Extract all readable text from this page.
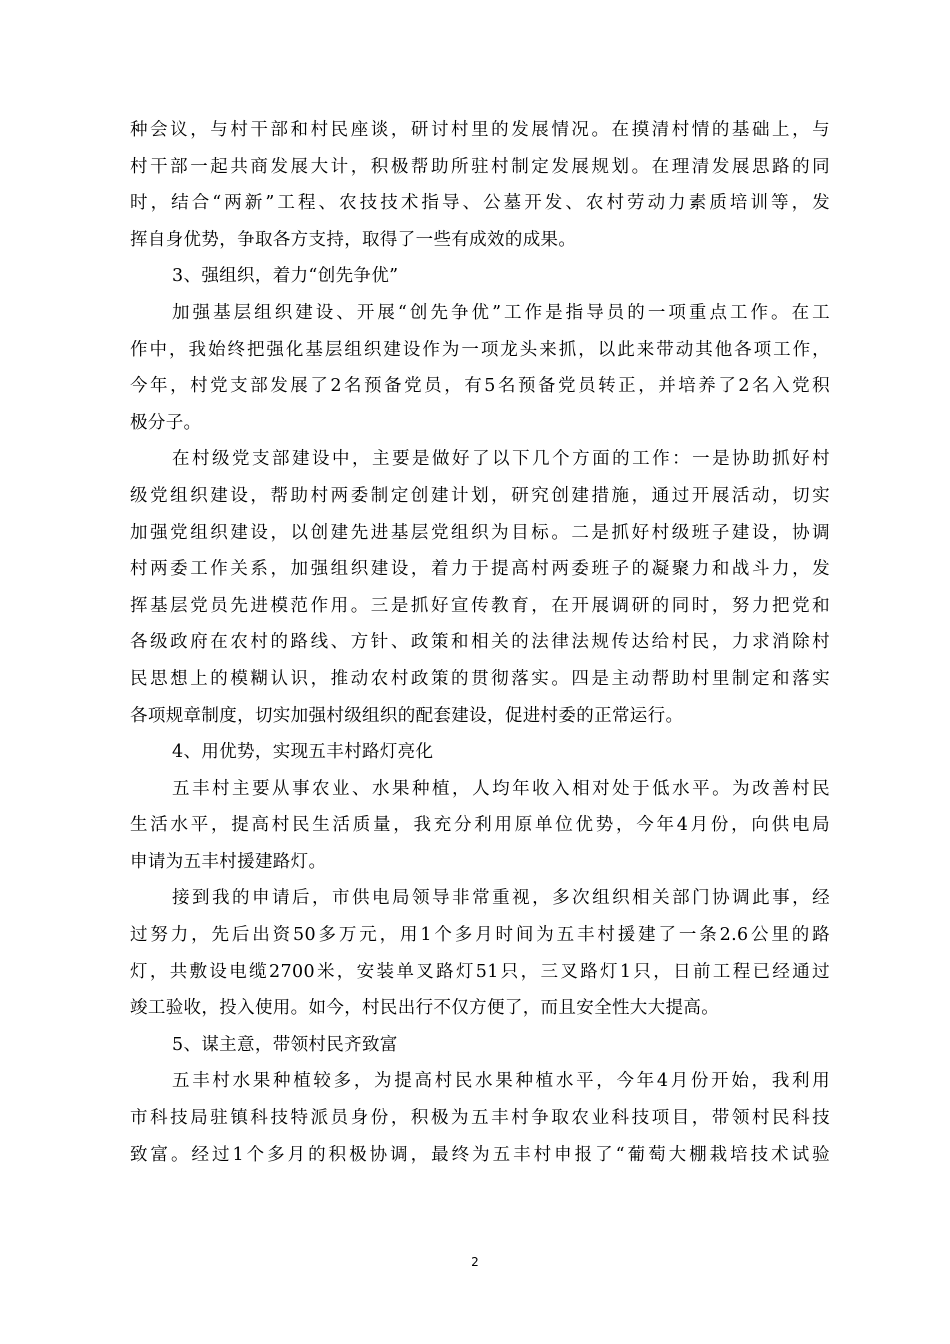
种会议，与村干部和村民座谈，研讨村里的发展情况。在摸清村情的基础上，与
村干部一起共商发展大计，积极帮助所驻村制定发展规划。在理清发展思路的同
时，结合“两新”工程、农技技术指导、公墓开发、农村劳动力素质培训等，发
挥自身优势，争取各方支持，取得了一些有成效的成果。
3、强组织，着力“创先争优”
加强基层组织建设、开展“创先争优”工作是指导员的一项重点工作。在工
作中，我始终把强化基层组织建设作为一项龙头来抓，以此来带动其他各项工作，
今年，村党支部发展了2名预备党员，有5名预备党员转正，并培养了2名入党积
极分子。
在村级党支部建设中，主要是做好了以下几个方面的工作：一是协助抓好村
级党组织建设，帮助村两委制定创建计划，研究创建措施，通过开展活动，切实
加强党组织建设，以创建先进基层党组织为目标。二是抓好村级班子建设，协调
村两委工作关系，加强组织建设，着力于提高村两委班子的凝聚力和战斗力，发
挥基层党员先进模范作用。三是抓好宣传教育，在开展调研的同时，努力把党和
各级政府在农村的路线、方针、政策和相关的法律法规传达给村民，力求消除村
民思想上的模糊认识，推动农村政策的贯彻落实。四是主动帮助村里制定和落实
各项规章制度，切实加强村级组织的配套建设，促进村委的正常运行。
4、用优势，实现五丰村路灯亮化
五丰村主要从事农业、水果种植，人均年收入相对处于低水平。为改善村民
生活水平，提高村民生活质量，我充分利用原单位优势，今年4月份，向供电局
申请为五丰村援建路灯。
接到我的申请后，市供电局领导非常重视，多次组织相关部门协调此事，经
过努力，先后出资50多万元，用1个多月时间为五丰村援建了一条2.6公里的路
灯，共敷设电缆2700米，安装单叉路灯51只，三叉路灯1只，日前工程已经通过
竣工验收，投入使用。如今，村民出行不仅方便了，而且安全性大大提高。
5、谋主意，带领村民齐致富
五丰村水果种植较多，为提高村民水果种植水平，今年4月份开始，我利用
市科技局驻镇科技特派员身份，积极为五丰村争取农业科技项目，带领村民科技
致富。经过1个多月的积极协调，最终为五丰村申报了“葡萄大棚栽培技术试验
2
